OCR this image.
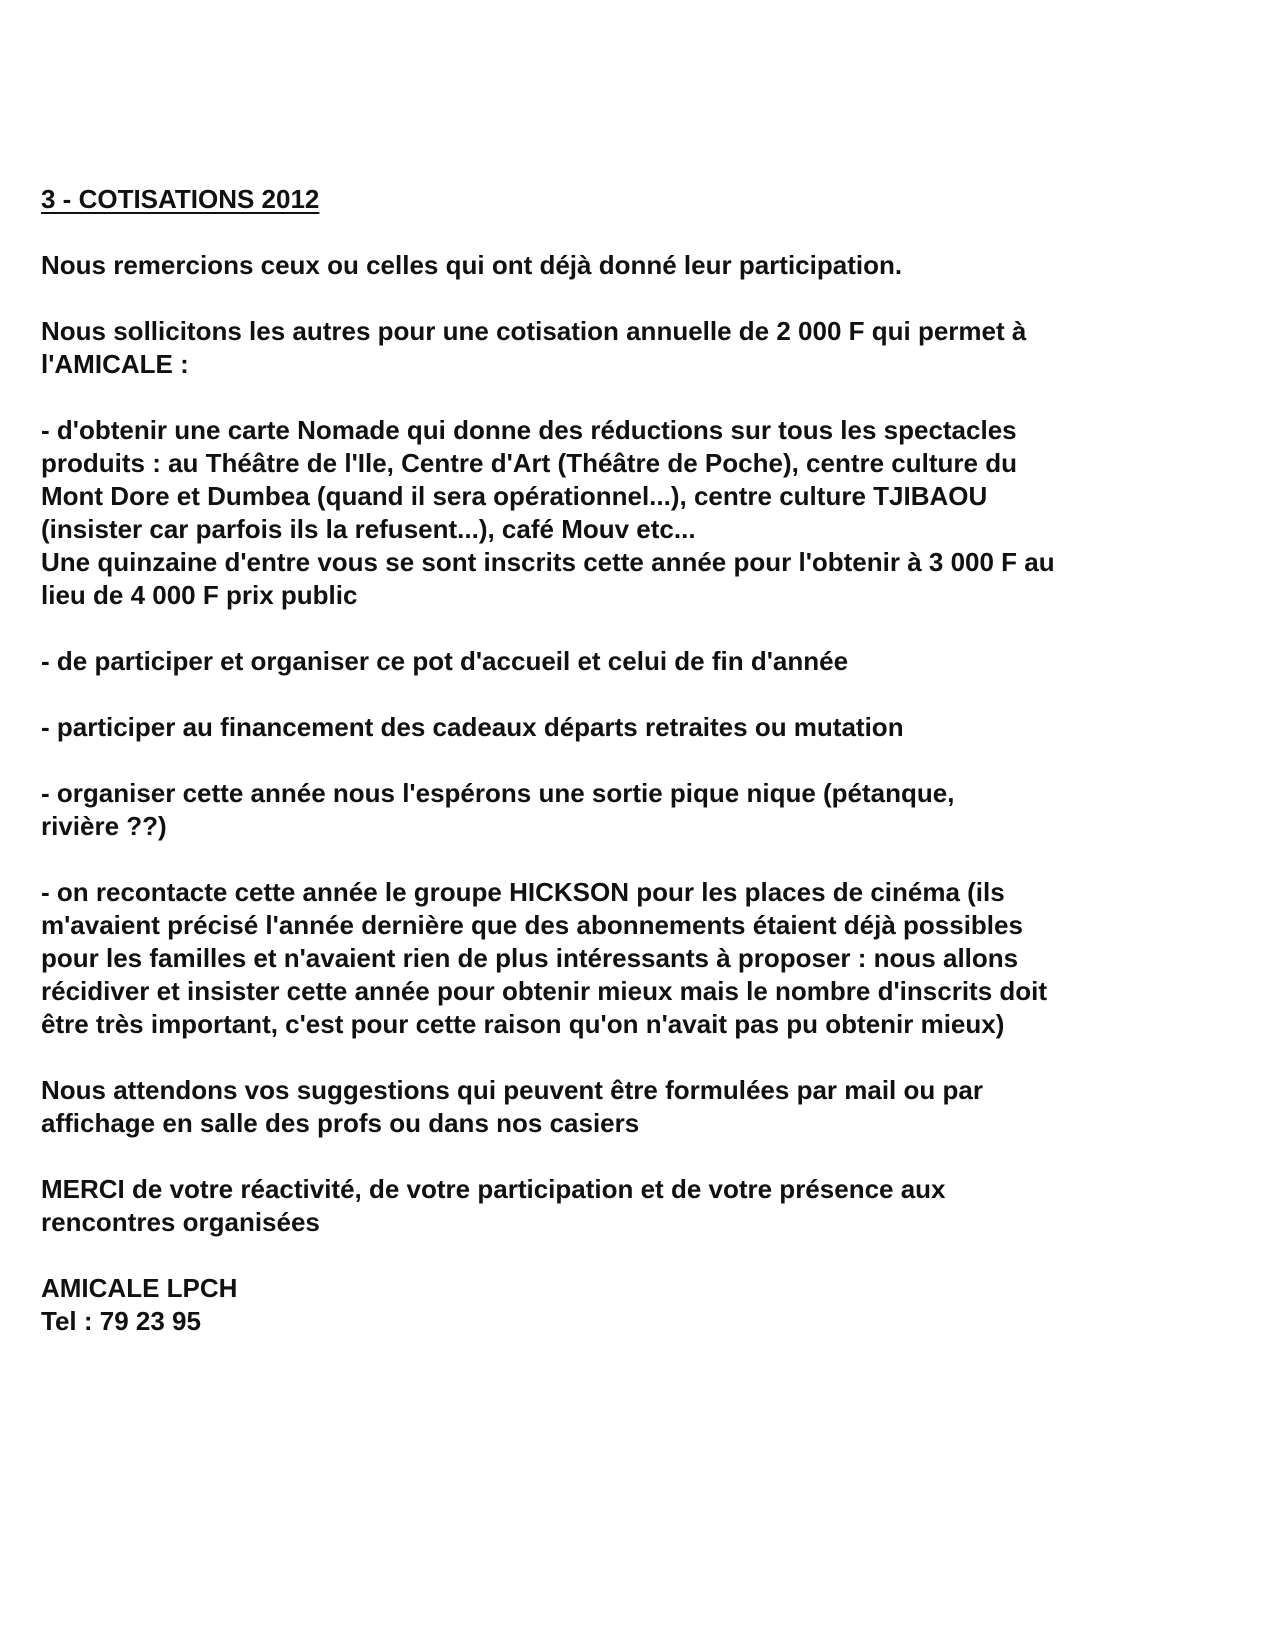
3 - COTISATIONS 2012

Nous remercions ceux ou celles qui ont déjà donné leur participation.

Nous sollicitons les autres pour une cotisation annuelle de 2 000 F qui permet à
l'AMICALE :

- d'obtenir une carte Nomade qui donne des réductions sur tous les spectacles
produits : au Théâtre de l'Ile, Centre d'Art (Théâtre de Poche), centre culture du
Mont Dore et Dumbea (quand il sera opérationnel...), centre culture TJIBAOU
(insister car parfois ils la refusent...), café Mouv etc...

Une quinzaine d'entre vous se sont inscrits cette année pour l'obtenir à 3 000 F au
lieu de 4 000 F prix public

- de participer et organiser ce pot d'accueil et celui de fin d'année

- participer au financement des cadeaux départs retraites ou mutation

- organiser cette année nous l'espérons une sortie pique nique (pétanque,
rivière ??)

- on recontacte cette année le groupe HICKSON pour les places de cinéma (ils
m'avaient précisé l'année dernière que des abonnements étaient déjà possibles
pour les familles et n'avaient rien de plus intéressants à proposer : nous allons
récidiver et insister cette année pour obtenir mieux mais le nombre d'inscrits doit
être très important, c'est pour cette raison qu'on n'avait pas pu obtenir mieux)

Nous attendons vos suggestions qui peuvent être formulées par mail ou par
affichage en salle des profs ou dans nos casiers

MERCI de votre réactivité, de votre participation et de votre présence aux
rencontres organisées

AMICALE LPCH
Tel : 79 23 95
